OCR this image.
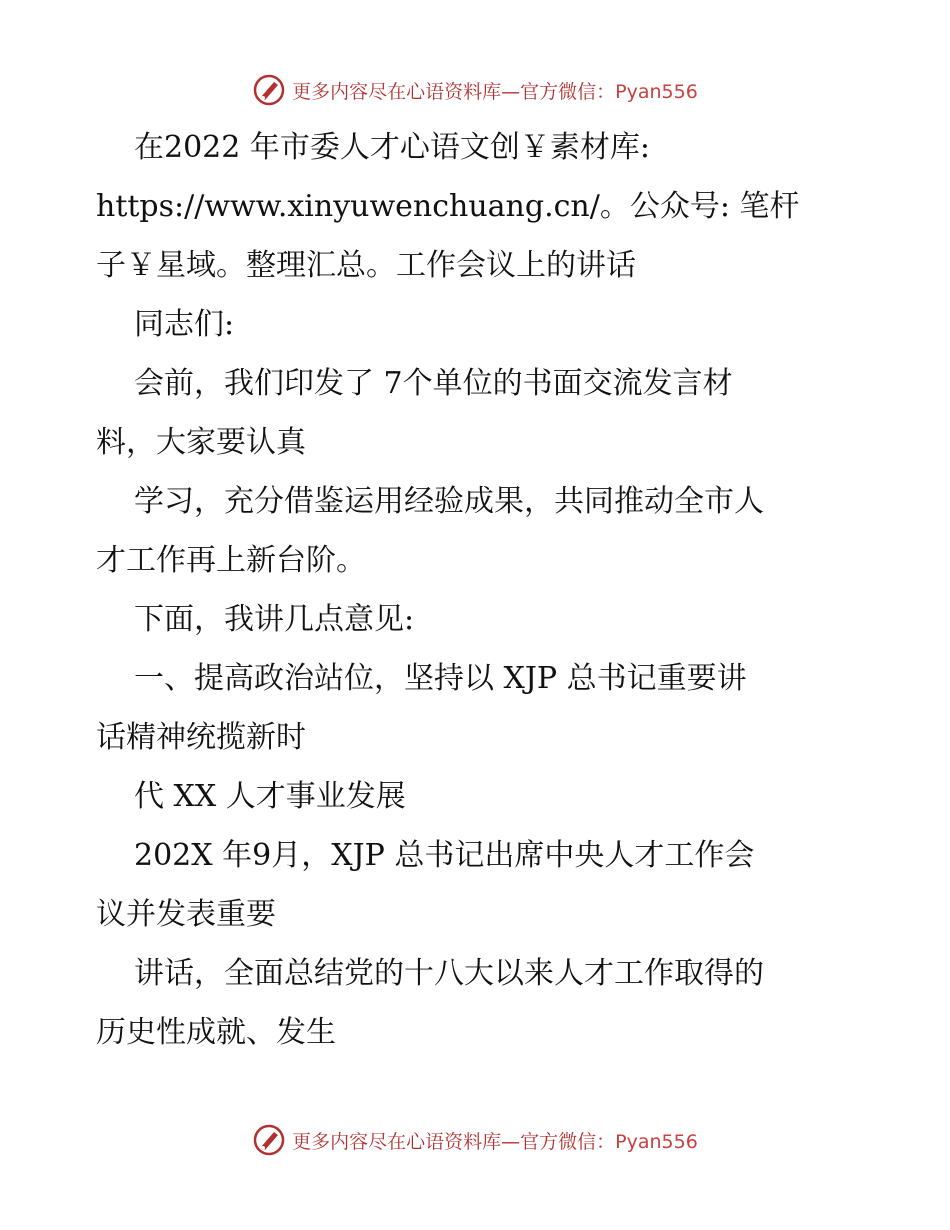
更多内容尽在心语资料库—官方微信：Pyan556
在2022 年市委人才心语文创￥素材库:
https://www.xinyuwenchuang.cn/。公众号: 笔杆
子￥星域。整理汇总。工作会议上的讲话
同志们:
会前，我们印发了 7个单位的书面交流发言材
料，大家要认真
学习，充分借鉴运用经验成果，共同推动全市人
才工作再上新台阶。
下面，我讲几点意见:
一、提高政治站位，坚持以 XJP 总书记重要讲
话精神统揽新时
代 XX 人才事业发展
202X 年9月，XJP 总书记出席中央人才工作会
议并发表重要
讲话，全面总结党的十八大以来人才工作取得的
历史性成就、发生
更多内容尽在心语资料库—官方微信：Pyan556
